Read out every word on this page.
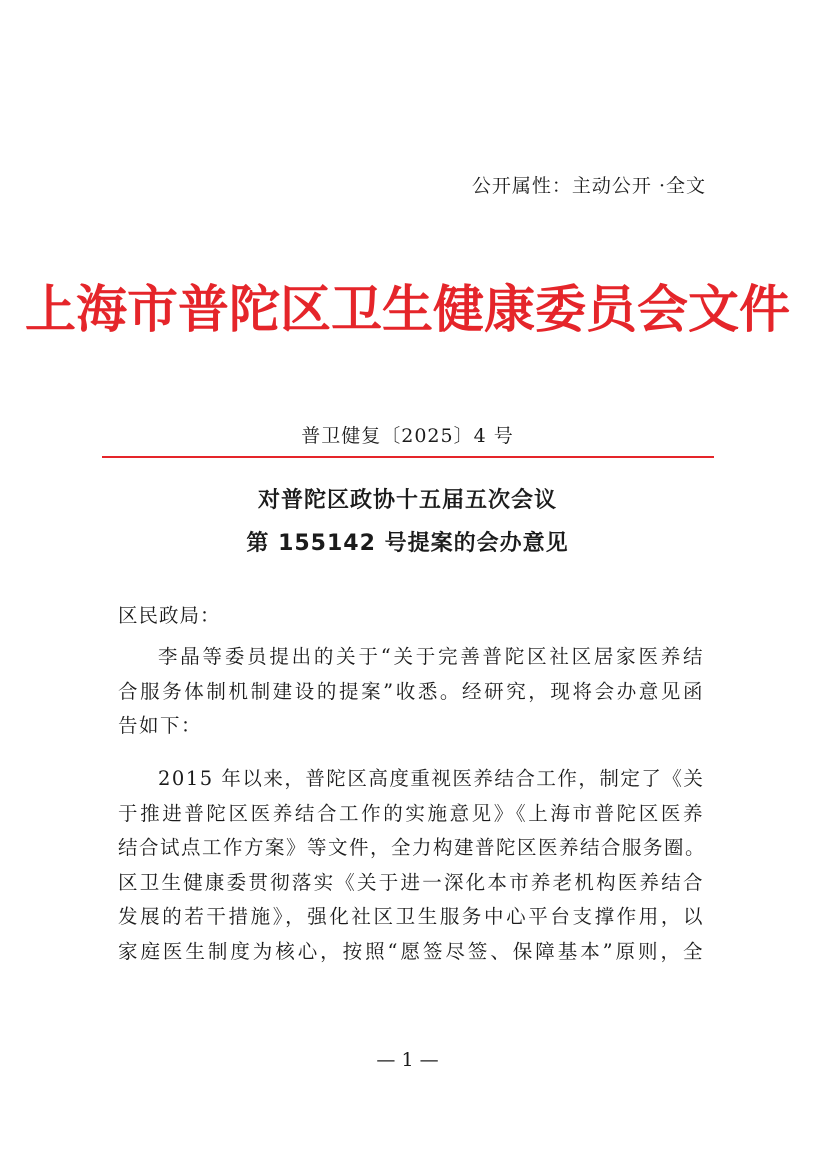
公开属性：主动公开 ·全文
上海市普陀区卫生健康委员会文件
普卫健复〔2025〕4 号
对普陀区政协十五届五次会议
第 155142 号提案的会办意见
区民政局：
李晶等委员提出的关于“关于完善普陀区社区居家医养结
合服务体制机制建设的提案”收悉。经研究，现将会办意见函
告如下：
2015 年以来，普陀区高度重视医养结合工作，制定了《关
于推进普陀区医养结合工作的实施意见》《上海市普陀区医养
结合试点工作方案》等文件，全力构建普陀区医养结合服务圈。
区卫生健康委贯彻落实《关于进一深化本市养老机构医养结合
发展的若干措施》，强化社区卫生服务中心平台支撑作用，以
家庭医生制度为核心，按照“愿签尽签、保障基本”原则，全
— 1 —
